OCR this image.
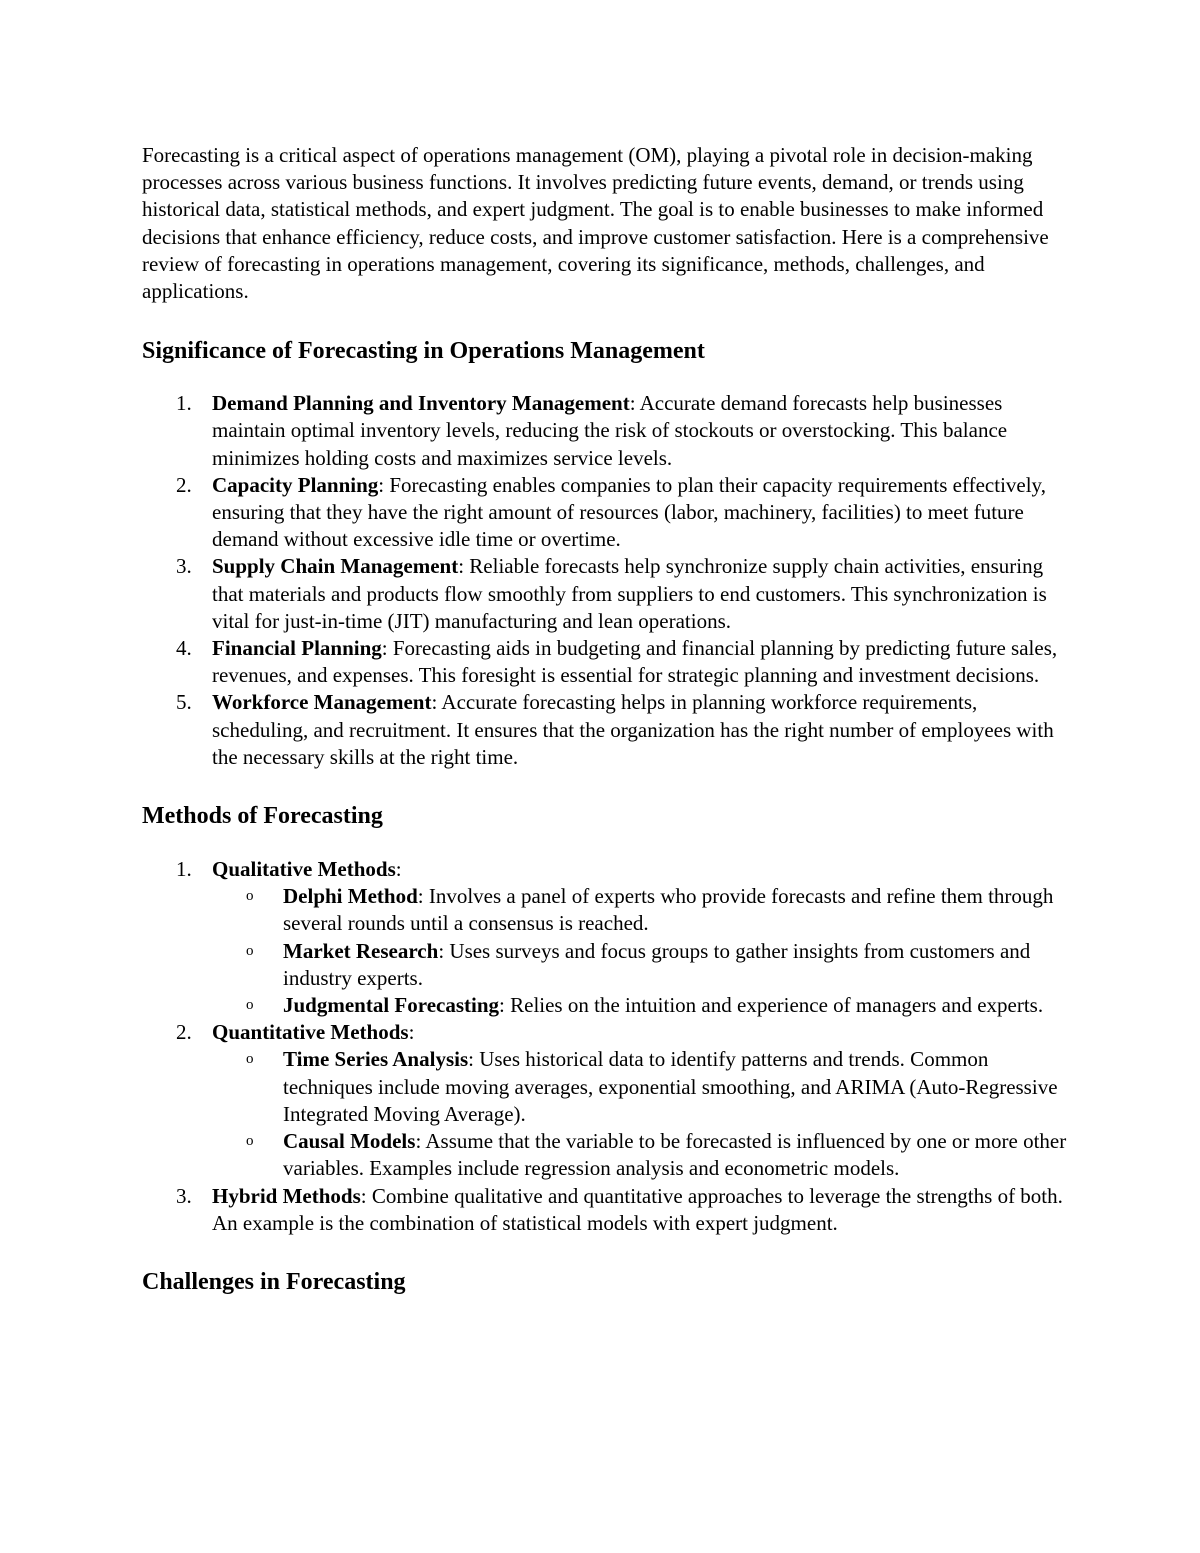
Forecasting is a critical aspect of operations management (OM), playing a pivotal role in decision-making processes across various business functions. It involves predicting future events, demand, or trends using historical data, statistical methods, and expert judgment. The goal is to enable businesses to make informed decisions that enhance efficiency, reduce costs, and improve customer satisfaction. Here is a comprehensive review of forecasting in operations management, covering its significance, methods, challenges, and applications.

Significance of Forecasting in Operations Management
1. Demand Planning and Inventory Management: Accurate demand forecasts help businesses maintain optimal inventory levels, reducing the risk of stockouts or overstocking. This balance minimizes holding costs and maximizes service levels.
2. Capacity Planning: Forecasting enables companies to plan their capacity requirements effectively, ensuring that they have the right amount of resources (labor, machinery, facilities) to meet future demand without excessive idle time or overtime.
3. Supply Chain Management: Reliable forecasts help synchronize supply chain activities, ensuring that materials and products flow smoothly from suppliers to end customers. This synchronization is vital for just-in-time (JIT) manufacturing and lean operations.
4. Financial Planning: Forecasting aids in budgeting and financial planning by predicting future sales, revenues, and expenses. This foresight is essential for strategic planning and investment decisions.
5. Workforce Management: Accurate forecasting helps in planning workforce requirements, scheduling, and recruitment. It ensures that the organization has the right number of employees with the necessary skills at the right time.
Methods of Forecasting
1. Qualitative Methods:
o Delphi Method: Involves a panel of experts who provide forecasts and refine them through several rounds until a consensus is reached.
o Market Research: Uses surveys and focus groups to gather insights from customers and industry experts.
o Judgmental Forecasting: Relies on the intuition and experience of managers and experts.
2. Quantitative Methods:
o Time Series Analysis: Uses historical data to identify patterns and trends. Common techniques include moving averages, exponential smoothing, and ARIMA (Auto-Regressive Integrated Moving Average).
o Causal Models: Assume that the variable to be forecasted is influenced by one or more other variables. Examples include regression analysis and econometric models.
3. Hybrid Methods: Combine qualitative and quantitative approaches to leverage the strengths of both. An example is the combination of statistical models with expert judgment.
Challenges in Forecasting
